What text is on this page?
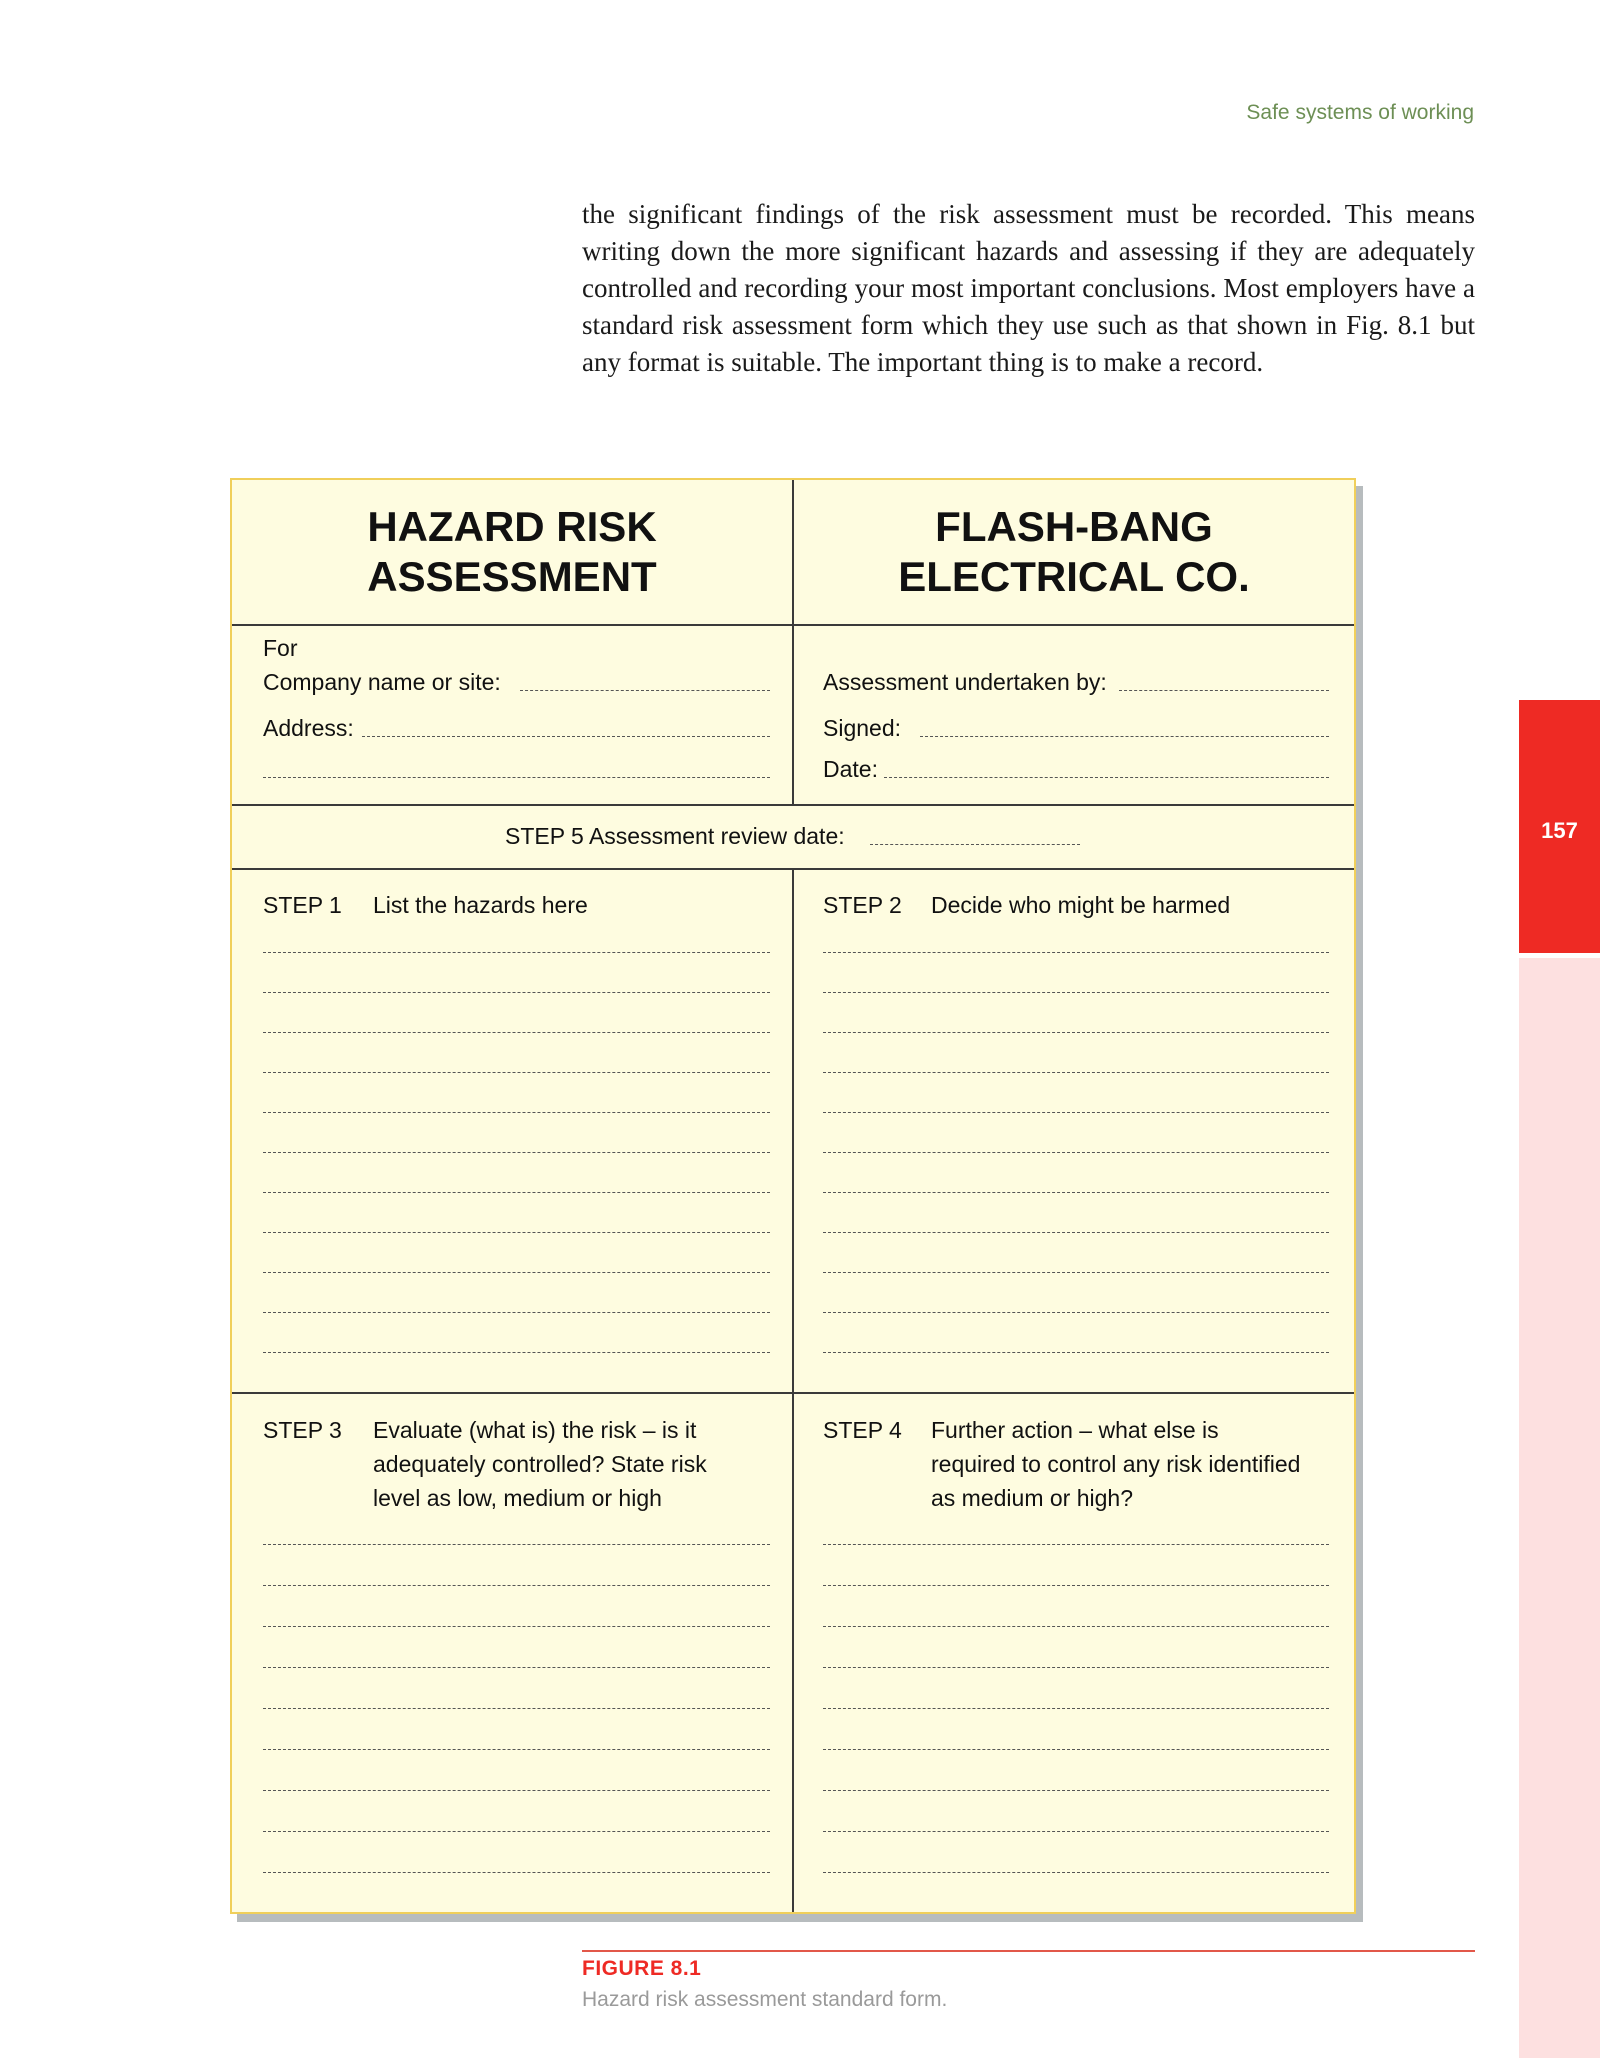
Safe systems of working
157

the significant findings of the risk assessment must be recorded. This means writing down the more significant hazards and assessing if they are adequately controlled and recording your most important conclusions. Most employers have a standard risk assessment form which they use such as that shown in Fig. 8.1 but any format is suitable. The important thing is to make a record.

HAZARD RISK
ASSESSMENT
FLASH-BANG
ELECTRICAL CO.
For
Company name or site:
Address:
Assessment undertaken by:
Signed:
Date:
STEP 5 Assessment review date:
STEP 1 List the hazards here	STEP 2 Decide who might be harmed
STEP 3 Evaluate (what is) the risk – is it
adequately controlled? State risk
level as low, medium or high
STEP 4 Further action – what else is
required to control any risk identified
as medium or high?
FIGURE 8.1
Hazard risk assessment standard form.
